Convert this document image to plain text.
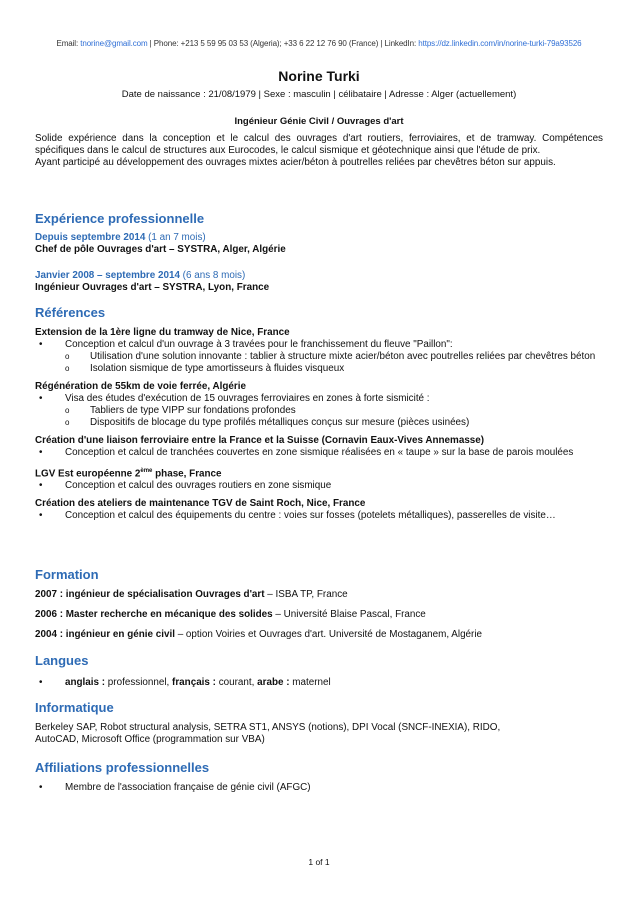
Email: tnorine@gmail.com | Phone: +213 5 59 95 03 53 (Algeria); +33 6 22 12 76 90 (France) | LinkedIn: https://dz.linkedin.com/in/norine-turki-79a93526
Norine Turki
Date de naissance : 21/08/1979 | Sexe : masculin | célibataire | Adresse : Alger (actuellement)
Ingénieur Génie Civil / Ouvrages d'art

Solide expérience dans la conception et le calcul des ouvrages d'art routiers, ferroviaires, et de tramway. Compétences spécifiques dans le calcul de structures aux Eurocodes, le calcul sismique et géotechnique ainsi que l'étude de prix.

Ayant participé au développement des ouvrages mixtes acier/béton à poutrelles reliées par chevêtres béton sur appuis.

Expérience professionnelle
Depuis septembre 2014 (1 an 7 mois)
Chef de pôle Ouvrages d'art – SYSTRA, Alger, Algérie
Janvier 2008 – septembre 2014 (6 ans 8 mois)
Ingénieur Ouvrages d'art – SYSTRA, Lyon, France
Références
Extension de la 1ère ligne du tramway de Nice, France
• Conception et calcul d'un ouvrage à 3 travées pour le franchissement du fleuve "Paillon":
o Utilisation d'une solution innovante : tablier à structure mixte acier/béton avec poutrelles reliées par chevêtres béton
o Isolation sismique de type amortisseurs à fluides visqueux
Régénération de 55km de voie ferrée, Algérie
• Visa des études d'exécution de 15 ouvrages ferroviaires en zones à forte sismicité :
o Tabliers de type VIPP sur fondations profondes
o Dispositifs de blocage du type profilés métalliques conçus sur mesure (pièces usinées)
Création d'une liaison ferroviaire entre la France et la Suisse (Cornavin Eaux-Vives Annemasse)
• Conception et calcul de tranchées couvertes en zone sismique réalisées en « taupe » sur la base de parois moulées
LGV Est européenne 2ème phase, France
• Conception et calcul des ouvrages routiers en zone sismique
Création des ateliers de maintenance TGV de Saint Roch, Nice, France
• Conception et calcul des équipements du centre : voies sur fosses (potelets métalliques), passerelles de visite…
Formation
2007 : ingénieur de spécialisation Ouvrages d'art – ISBA TP, France
2006 : Master recherche en mécanique des solides – Université Blaise Pascal, France
2004 : ingénieur en génie civil – option Voiries et Ouvrages d'art. Université de Mostaganem, Algérie
Langues
• anglais : professionnel, français : courant, arabe : maternel
Informatique
Berkeley SAP, Robot structural analysis, SETRA ST1, ANSYS (notions), DPI Vocal (SNCF-INEXIA), RIDO,
AutoCAD, Microsoft Office (programmation sur VBA)
Affiliations professionnelles
• Membre de l'association française de génie civil (AFGC)
1 of 1
